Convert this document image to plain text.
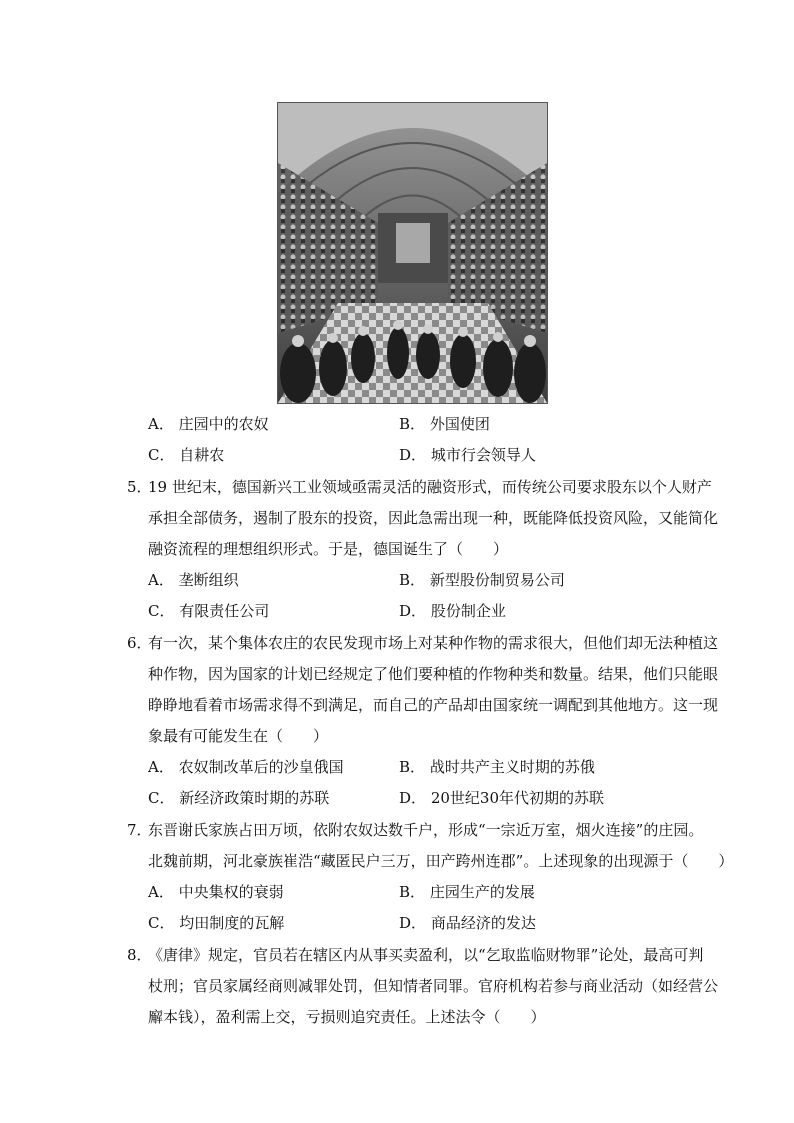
A． 庄园中的农奴	B． 外国使团
C． 自耕农	D． 城市行会领导人
5．
19 世纪末，德国新兴工业领域亟需灵活的融资形式，而传统公司要求股东以个人财产
承担全部债务，遏制了股东的投资，因此急需出现一种，既能降低投资风险，又能简化
融资流程的理想组织形式。于是，德国诞生了（　　）
A． 垄断组织	B． 新型股份制贸易公司
C． 有限责任公司	D． 股份制企业
6．
有一次，某个集体农庄的农民发现市场上对某种作物的需求很大，但他们却无法种植这
种作物，因为国家的计划已经规定了他们要种植的作物种类和数量。结果，他们只能眼
睁睁地看着市场需求得不到满足，而自己的产品却由国家统一调配到其他地方。这一现
象最有可能发生在（　　）
A． 农奴制改革后的沙皇俄国	B． 战时共产主义时期的苏俄
C． 新经济政策时期的苏联	D． 20世纪30年代初期的苏联
7．
东晋谢氏家族占田万顷，依附农奴达数千户，形成“一宗近万室，烟火连接”的庄园。
北魏前期，河北豪族崔浩“藏匿民户三万，田产跨州连郡”。上述现象的出现源于（　　）
A． 中央集权的衰弱	B． 庄园生产的发展
C． 均田制度的瓦解	D． 商品经济的发达
8．
《唐律》规定，官员若在辖区内从事买卖盈利，以“乞取监临财物罪”论处，最高可判
杖刑；官员家属经商则减罪处罚，但知情者同罪。官府机构若参与商业活动（如经营公
廨本钱），盈利需上交，亏损则追究责任。上述法令（　　）
